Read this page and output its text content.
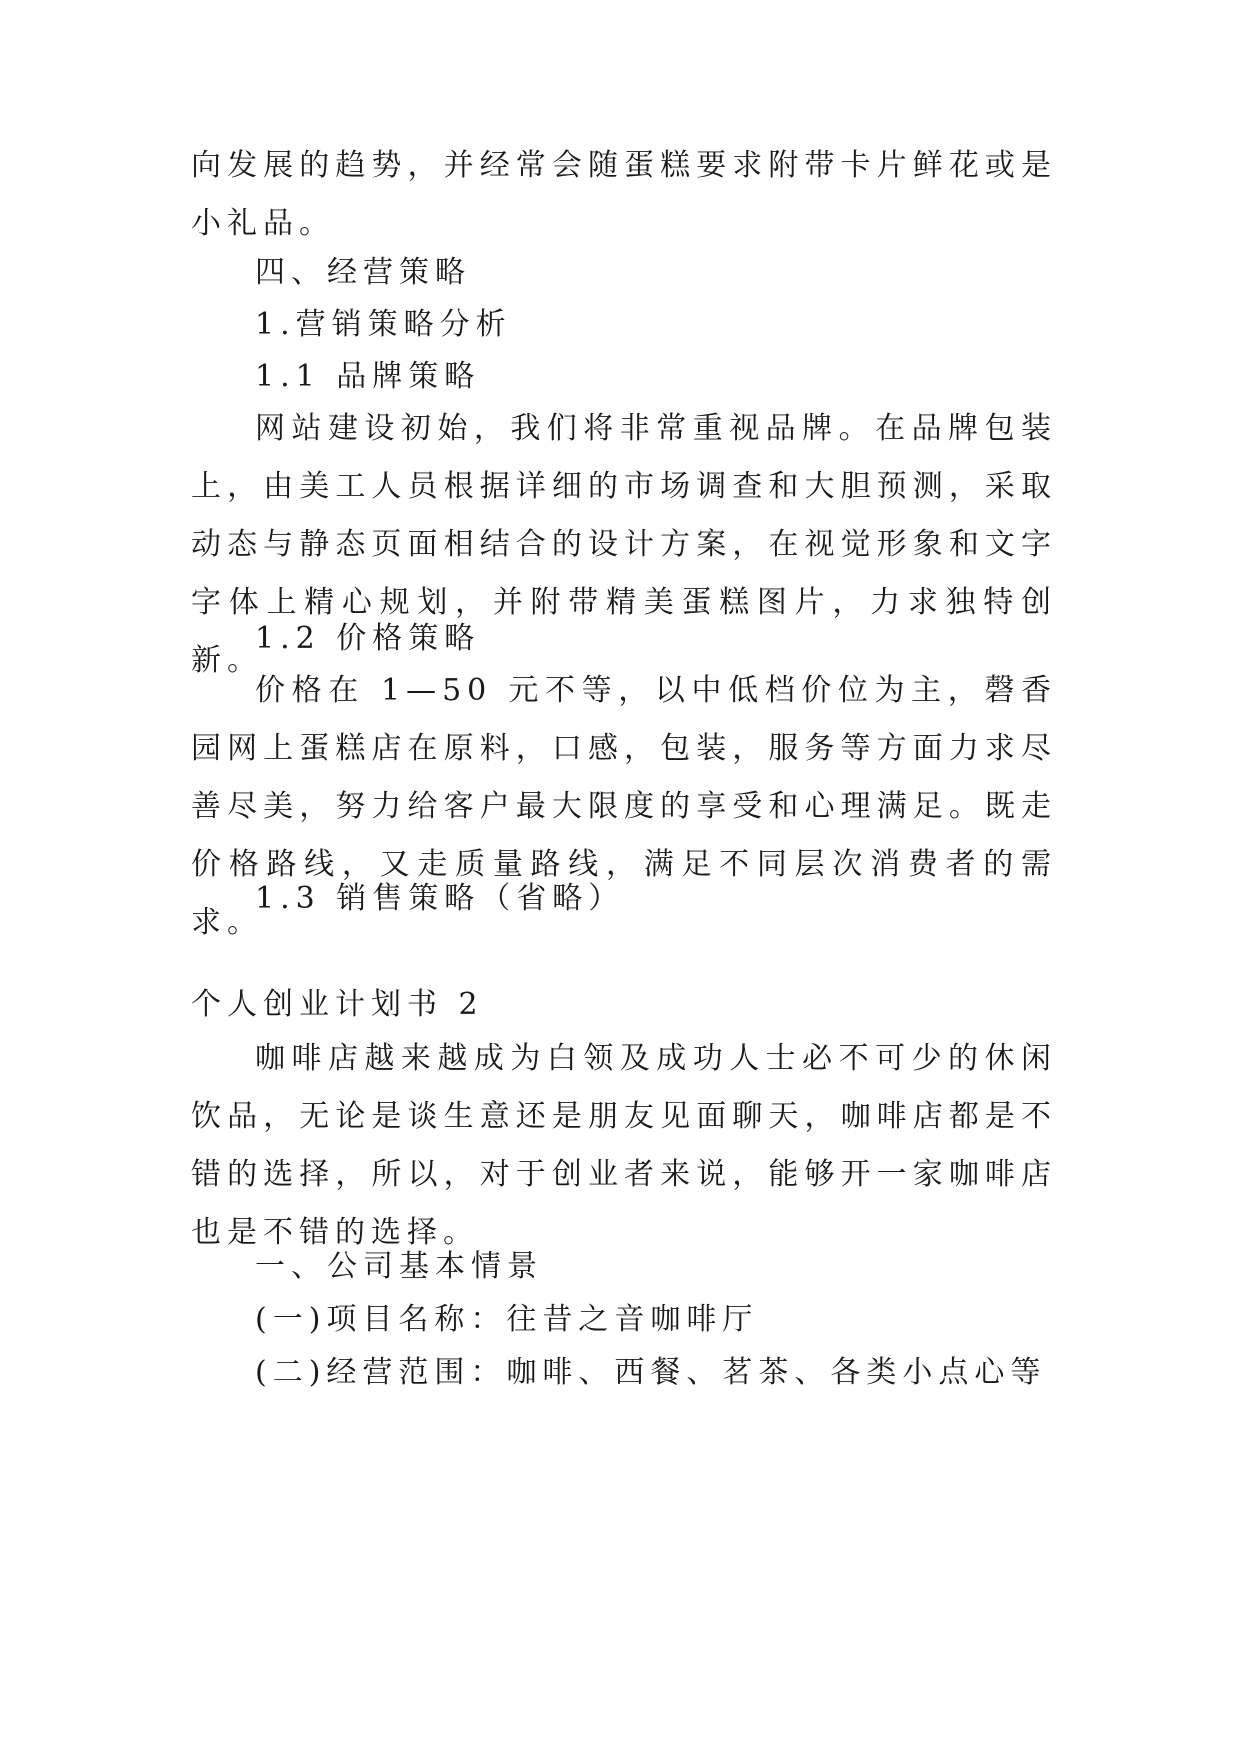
向发展的趋势，并经常会随蛋糕要求附带卡片鲜花或是小礼品。

四、经营策略

1.营销策略分析

1.1 品牌策略

网站建设初始，我们将非常重视品牌。在品牌包装上，由美工人员根据详细的市场调查和大胆预测，采取动态与静态页面相结合的设计方案，在视觉形象和文字字体上精心规划，并附带精美蛋糕图片，力求独特创新。

1.2 价格策略

价格在 1—50 元不等，以中低档价位为主，磬香园网上蛋糕店在原料，口感，包装，服务等方面力求尽善尽美，努力给客户最大限度的享受和心理满足。既走价格路线，又走质量路线，满足不同层次消费者的需求。

1.3 销售策略（省略）

个人创业计划书 2

咖啡店越来越成为白领及成功人士必不可少的休闲饮品，无论是谈生意还是朋友见面聊天，咖啡店都是不错的选择，所以，对于创业者来说，能够开一家咖啡店也是不错的选择。

一、公司基本情景

(一)项目名称：往昔之音咖啡厅

(二)经营范围：咖啡、西餐、茗茶、各类小点心等
